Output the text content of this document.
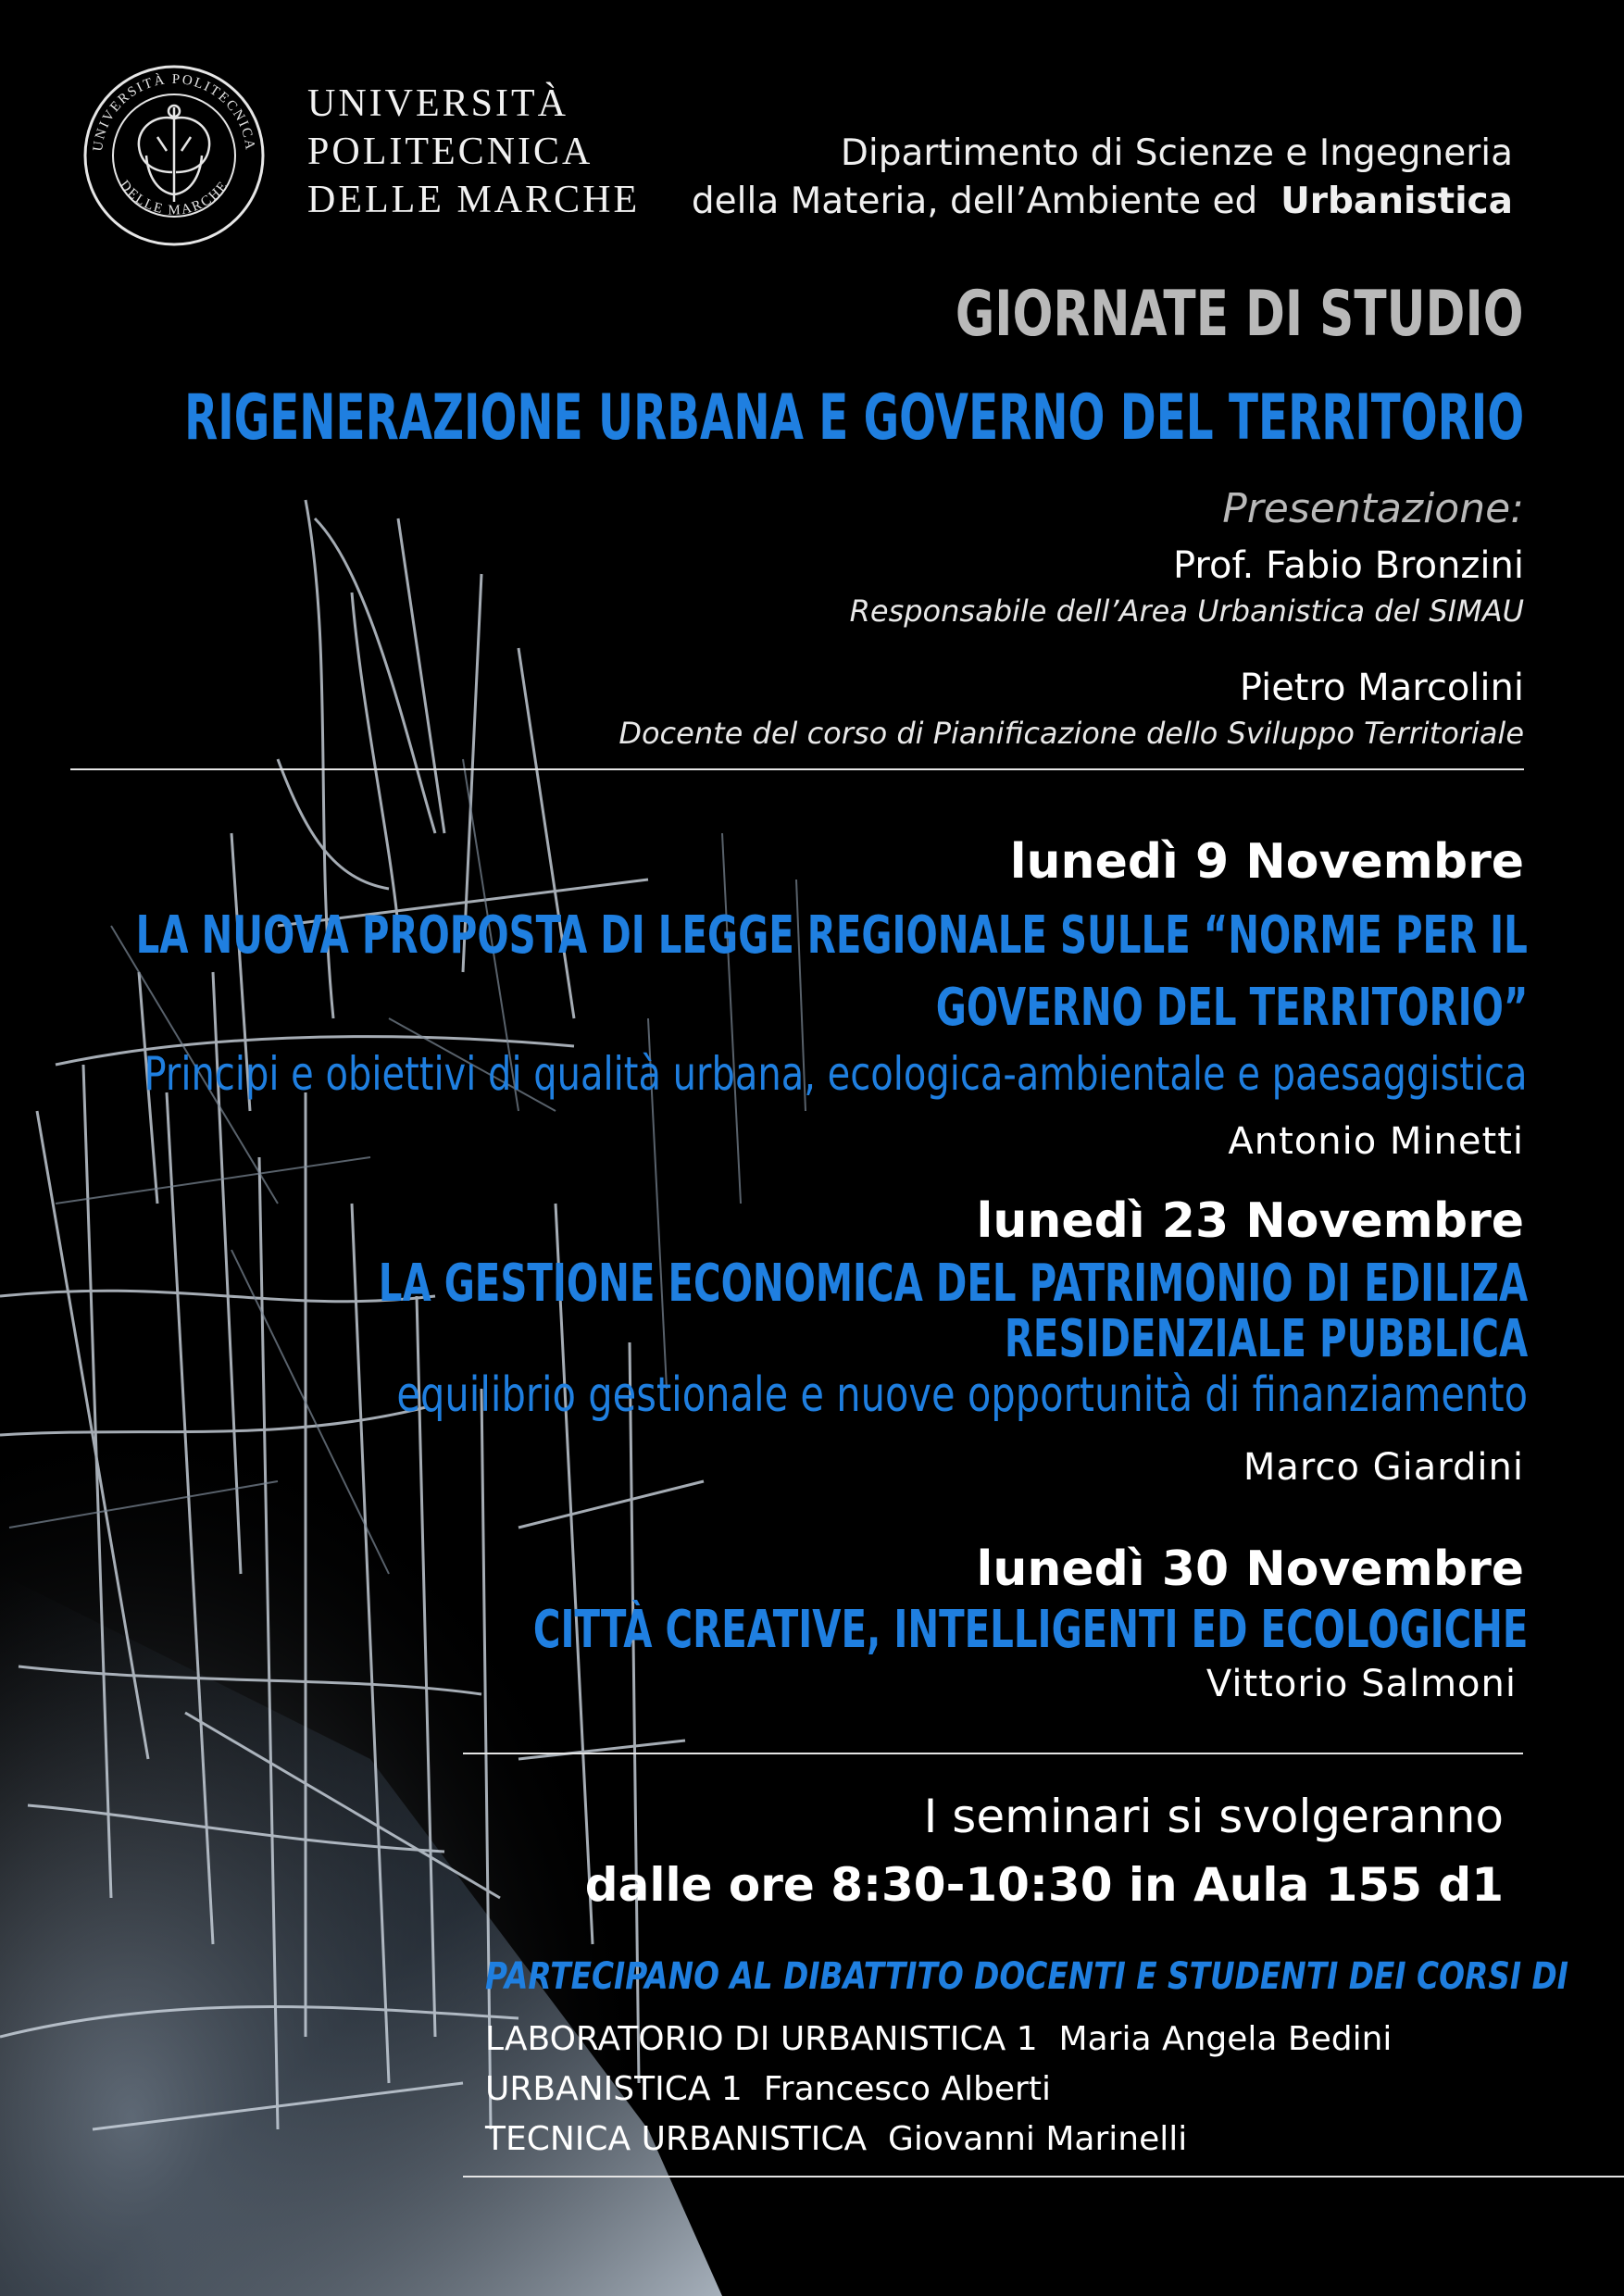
UNIVERSITÀ POLITECNICA
DELLE MARCHE
UNIVERSITÀ
POLITECNICA
DELLE MARCHE
Dipartimento di Scienze e Ingegneria
della Materia, dell’Ambiente ed Urbanistica
GIORNATE DI STUDIO
RIGENERAZIONE URBANA E GOVERNO DEL TERRITORIO
Presentazione:
Prof. Fabio Bronzini
Responsabile dell’Area Urbanistica del SIMAU
Pietro Marcolini
Docente del corso di Pianificazione dello Sviluppo Territoriale
lunedì 9 Novembre
LA NUOVA PROPOSTA DI LEGGE REGIONALE SULLE “NORME PER IL
GOVERNO DEL TERRITORIO”
Principi e obiettivi di qualità urbana, ecologica-ambientale e paesaggistica
Antonio Minetti
lunedì 23 Novembre
LA GESTIONE ECONOMICA DEL PATRIMONIO DI EDILIZA
RESIDENZIALE PUBBLICA
equilibrio gestionale e nuove opportunità di finanziamento
Marco Giardini
lunedì 30 Novembre
CITTÀ CREATIVE, INTELLIGENTI ED ECOLOGICHE
Vittorio Salmoni
I seminari si svolgeranno
dalle ore 8:30-10:30 in Aula 155 d1
PARTECIPANO AL DIBATTITO DOCENTI E STUDENTI DEI CORSI DI
LABORATORIO DI URBANISTICA 1 Maria Angela Bedini
URBANISTICA 1 Francesco Alberti
TECNICA URBANISTICA Giovanni Marinelli
